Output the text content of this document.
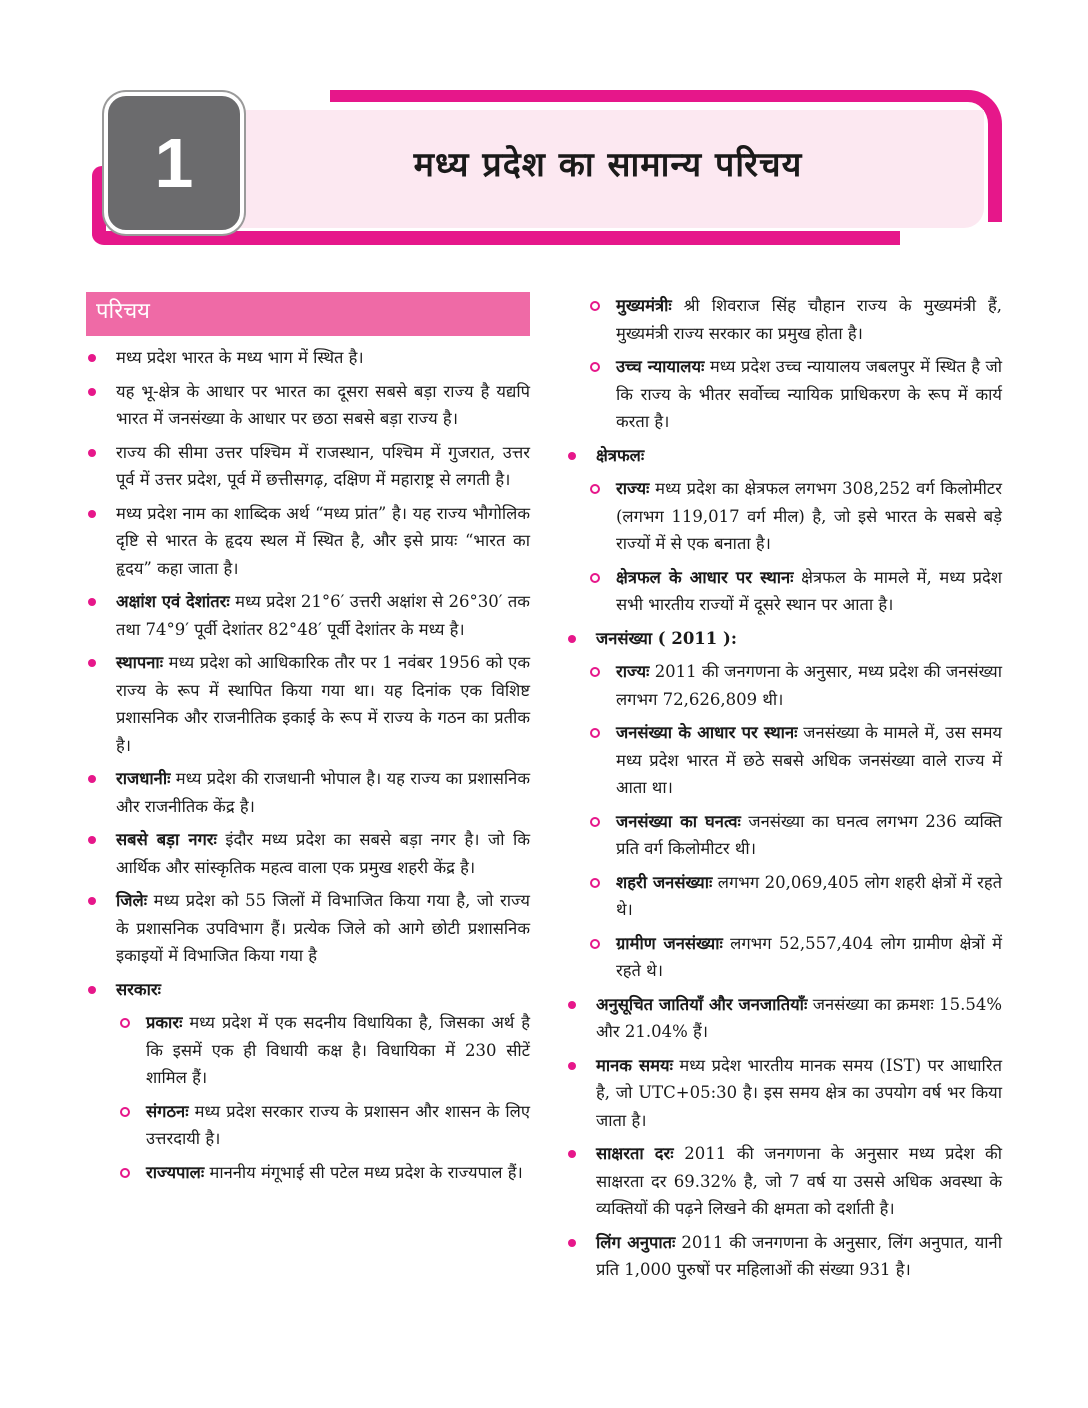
1	मध्य प्रदेश का सामान्य परिचय
परिचय
मध्य प्रदेश भारत के मध्य भाग में स्थित है।
यह भू-क्षेत्र के आधार पर भारत का दूसरा सबसे बड़ा राज्य है यद्यपि भारत में जनसंख्या के आधार पर छठा सबसे बड़ा राज्य है।
राज्य की सीमा उत्तर पश्चिम में राजस्थान, पश्चिम में गुजरात, उत्तर पूर्व में उत्तर प्रदेश, पूर्व में छत्तीसगढ़, दक्षिण में महाराष्ट्र से लगती है।
मध्य प्रदेश नाम का शाब्दिक अर्थ “मध्य प्रांत” है। यह राज्य भौगोलिक दृष्टि से भारत के हृदय स्थल में स्थित है, और इसे प्रायः “भारत का हृदय” कहा जाता है।
अक्षांश एवं देशांतरः मध्य प्रदेश 21°6′ उत्तरी अक्षांश से 26°30′ तक तथा 74°9′ पूर्वी देशांतर 82°48′ पूर्वी देशांतर के मध्य है।
स्थापनाः मध्य प्रदेश को आधिकारिक तौर पर 1 नवंबर 1956 को एक राज्य के रूप में स्थापित किया गया था। यह दिनांक एक विशिष्ट प्रशासनिक और राजनीतिक इकाई के रूप में राज्य के गठन का प्रतीक है।
राजधानीः मध्य प्रदेश की राजधानी भोपाल है। यह राज्य का प्रशासनिक और राजनीतिक केंद्र है।
सबसे बड़ा नगरः इंदौर मध्य प्रदेश का सबसे बड़ा नगर है। जो कि आर्थिक और सांस्कृतिक महत्व वाला एक प्रमुख शहरी केंद्र है।
जिलेः मध्य प्रदेश को 55 जिलों में विभाजित किया गया है, जो राज्य के प्रशासनिक उपविभाग हैं। प्रत्येक जिले को आगे छोटी प्रशासनिक इकाइयों में विभाजित किया गया है
सरकारः
प्रकारः मध्य प्रदेश में एक सदनीय विधायिका है, जिसका अर्थ है कि इसमें एक ही विधायी कक्ष है। विधायिका में 230 सीटें शामिल हैं।
संगठनः मध्य प्रदेश सरकार राज्य के प्रशासन और शासन के लिए उत्तरदायी है।
राज्यपालः माननीय मंगूभाई सी पटेल मध्य प्रदेश के राज्यपाल हैं।
मुख्यमंत्रीः श्री शिवराज सिंह चौहान राज्य के मुख्यमंत्री हैं, मुख्यमंत्री राज्य सरकार का प्रमुख होता है।
उच्च न्यायालयः मध्य प्रदेश उच्च न्यायालय जबलपुर में स्थित है जो कि राज्य के भीतर सर्वोच्च न्यायिक प्राधिकरण के रूप में कार्य करता है।
क्षेत्रफलः
राज्यः मध्य प्रदेश का क्षेत्रफल लगभग 308,252 वर्ग किलोमीटर (लगभग 119,017 वर्ग मील) है, जो इसे भारत के सबसे बड़े राज्यों में से एक बनाता है।
क्षेत्रफल के आधार पर स्थानः क्षेत्रफल के मामले में, मध्य प्रदेश सभी भारतीय राज्यों में दूसरे स्थान पर आता है।
जनसंख्या ( 2011 ):
राज्यः 2011 की जनगणना के अनुसार, मध्य प्रदेश की जनसंख्या लगभग 72,626,809 थी।
जनसंख्या के आधार पर स्थानः जनसंख्या के मामले में, उस समय मध्य प्रदेश भारत में छठे सबसे अधिक जनसंख्या वाले राज्य में आता था।
जनसंख्या का घनत्वः जनसंख्या का घनत्व लगभग 236 व्यक्ति प्रति वर्ग किलोमीटर थी।
शहरी जनसंख्याः लगभग 20,069,405 लोग शहरी क्षेत्रों में रहते थे।
ग्रामीण जनसंख्याः लगभग 52,557,404 लोग ग्रामीण क्षेत्रों में रहते थे।
अनुसूचित जातियाँ और जनजातियाँः जनसंख्या का क्रमशः 15.54% और 21.04% हैं।
मानक समयः मध्य प्रदेश भारतीय मानक समय (IST) पर आधारित है, जो UTC+05:30 है। इस समय क्षेत्र का उपयोग वर्ष भर किया जाता है।
साक्षरता दरः 2011 की जनगणना के अनुसार मध्य प्रदेश की साक्षरता दर 69.32% है, जो 7 वर्ष या उससे अधिक अवस्था के व्यक्तियों की पढ़ने लिखने की क्षमता को दर्शाती है।
लिंग अनुपातः 2011 की जनगणना के अनुसार, लिंग अनुपात, यानी प्रति 1,000 पुरुषों पर महिलाओं की संख्या 931 है।
